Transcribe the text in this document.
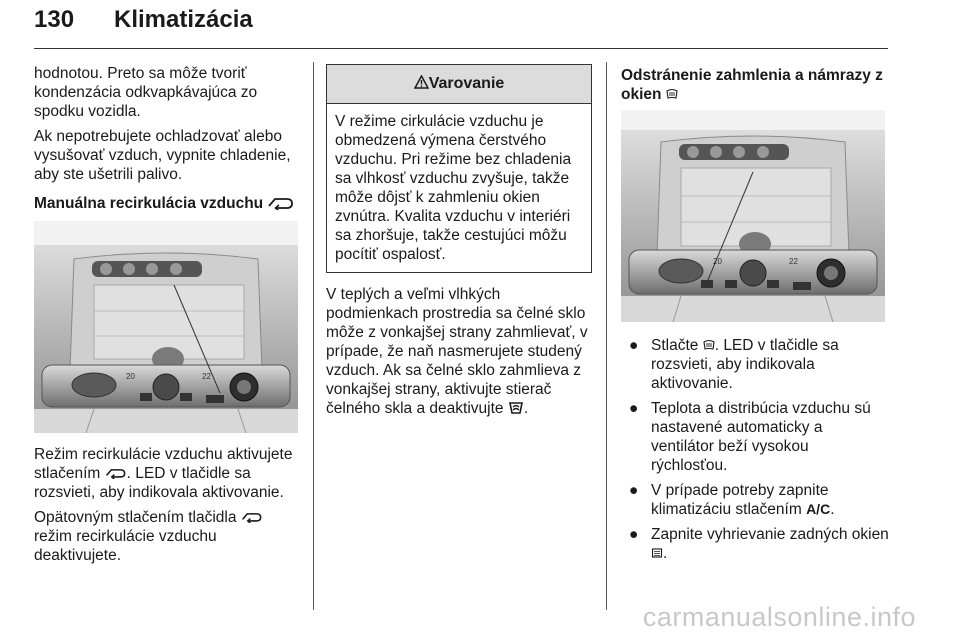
130 Klimatizácia

hodnotou. Preto sa môže tvoriť kondenzácia odkvapkávajúca zo spodku vozidla.

Ak nepotrebujete ochladzovať alebo vysušovať vzduch, vypnite chladenie, aby ste ušetrili palivo.

Manuálna recirkulácia vzduchu
20	22

Režim recirkulácie vzduchu aktivujete stlačením . LED v tlačidle sa rozsvieti, aby indikovala aktivovanie.

Opätovným stlačením tlačidla  režim recirkulácie vzduchu deaktivujete.

Varovanie
V režime cirkulácie vzduchu je obmedzená výmena čerstvého vzduchu. Pri režime bez chladenia sa vlhkosť vzduchu zvyšuje, takže môže dôjsť k zahmleniu okien zvnútra. Kvalita vzduchu v interiéri sa zhoršuje, takže cestujúci môžu pocítiť ospalosť.

V teplých a veľmi vlhkých podmienkach prostredia sa čelné sklo môže z vonkajšej strany zahmlievať, v prípade, že naň nasmerujete studený vzduch. Ak sa čelné sklo zahmlieva z vonkajšej strany, aktivujte stierač čelného skla a deaktivujte .

Odstránenie zahmlenia a námrazy z okien
20	22
● Stlačte . LED v tlačidle sa rozsvieti, aby indikovala aktivovanie.
● Teplota a distribúcia vzduchu sú nastavené automaticky a ventilátor beží vysokou rýchlosťou.
● V prípade potreby zapnite klimatizáciu stlačením A/C.
● Zapnite vyhrievanie zadných okien .
carmanualsonline.info
